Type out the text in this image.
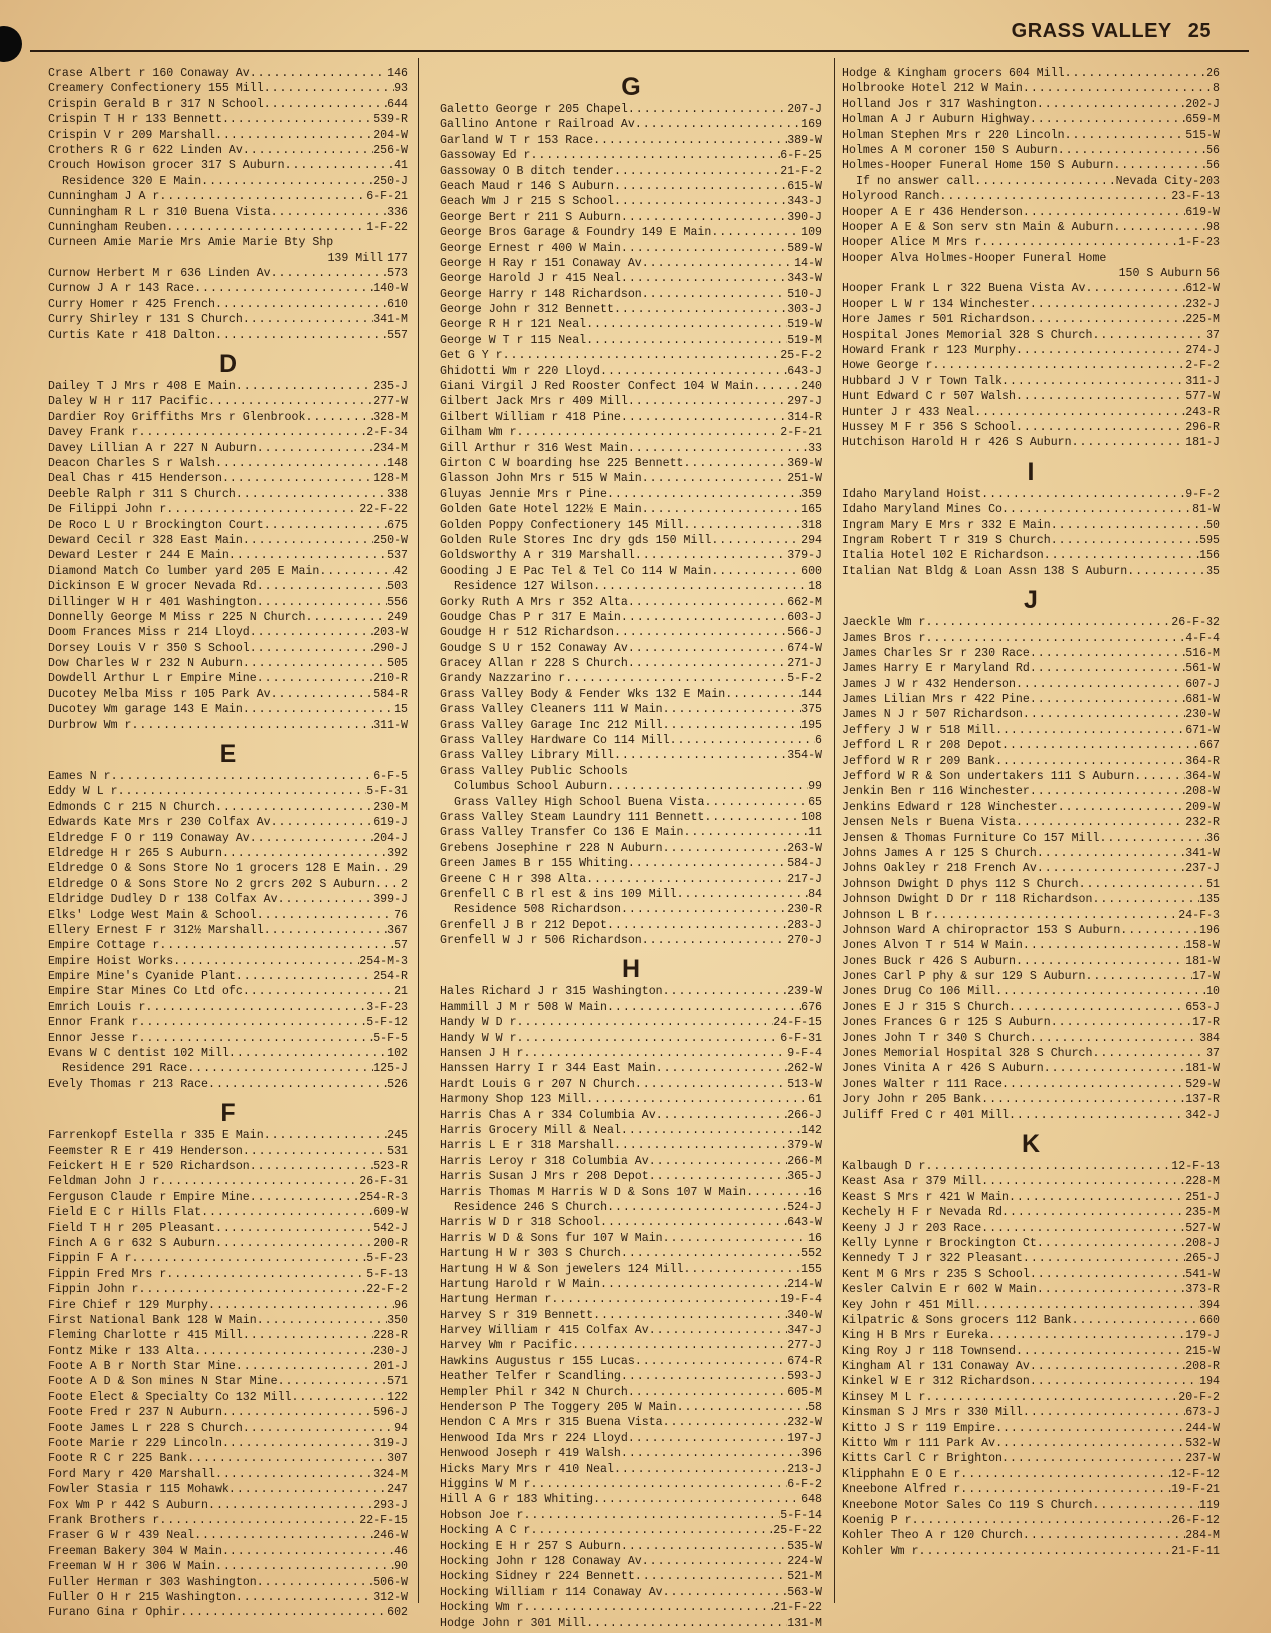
GRASS VALLEY 25
Crase Albert r 160 Conaway Av . . .	146
Creamery Confectionery 155 Mill . . .	93
Crispin Gerald B r 317 N School . . .	644
Crispin T H r 133 Bennett . . .	539-R
Crispin V r 209 Marshall . . .	204-W
Crothers R G r 622 Linden Av . . .	256-W
Crouch Howison grocer 317 S Auburn . . .	41
Residence 320 E Main . . .	250-J
Cunningham J A r . . .	6-F-21
Cunningham R L r 310 Buena Vista . . .	336
Cunningham Reuben . . .	1-F-22
Curneen Amie Marie Mrs Amie Marie Bty Shp
139 Mill 177
Curnow Herbert M r 636 Linden Av . . .	573
Curnow J A r 143 Race . . .	140-W
Curry Homer r 425 French . . .	610
Curry Shirley r 131 S Church . . .	341-M
Curtis Kate r 418 Dalton . . .	557
D
Dailey T J Mrs r 408 E Main . . .	235-J
Daley W H r 117 Pacific . . .	277-W
Dardier Roy Griffiths Mrs r Glenbrook . . .	328-M
Davey Frank r . . .	2-F-34
Davey Lillian A r 227 N Auburn . . .	234-M
Deacon Charles S r Walsh . . .	148
Deal Chas r 415 Henderson . . .	128-M
Deeble Ralph r 311 S Church . . .	338
De Filippi John r . . .	22-F-22
De Roco L U r Brockington Court . . .	675
Deward Cecil r 328 East Main . . .	250-W
Deward Lester r 244 E Main . . .	537
Diamond Match Co lumber yard 205 E Main . . .	42
Dickinson E W grocer Nevada Rd . . .	503
Dillinger W H r 401 Washington . . .	556
Donnelly George M Miss r 225 N Church . . .	249
Doom Frances Miss r 214 Lloyd . . .	203-W
Dorsey Louis V r 350 S School . . .	290-J
Dow Charles W r 232 N Auburn . . .	505
Dowdell Arthur L r Empire Mine . . .	210-R
Ducotey Melba Miss r 105 Park Av . . .	584-R
Ducotey Wm garage 143 E Main . . .	15
Durbrow Wm r . . .	311-W
E
Eames N r . . .	6-F-5
Eddy W L r . . .	5-F-31
Edmonds C r 215 N Church . . .	230-M
Edwards Kate Mrs r 230 Colfax Av . . .	619-J
Eldredge F O r 119 Conaway Av . . .	204-J
Eldredge H r 265 S Auburn . . .	392
Eldredge O & Sons Store No 1 grocers 128 E Main . . . 29
Eldredge O & Sons Store No 2 grcrs 202 S Auburn . . . 2
Eldridge Dudley D r 138 Colfax Av . . .	399-J
Elks' Lodge West Main & School . . .	76
Ellery Ernest F r 312½ Marshall . . .	367
Empire Cottage r . . .	57
Empire Hoist Works . . .	254-M-3
Empire Mine's Cyanide Plant . . .	254-R
Empire Star Mines Co Ltd ofc . . .	21
Emrich Louis r . . .	3-F-23
Ennor Frank r . . .	5-F-12
Ennor Jesse r . . .	5-F-5
Evans W C dentist 102 Mill . . .	102
Residence 291 Race . . .	125-J
Evely Thomas r 213 Race . . .	526
F
Farrenkopf Estella r 335 E Main . . .	245
Feemster R E r 419 Henderson . . .	531
Feickert H E r 520 Richardson . . .	523-R
Feldman John J r . . .	26-F-31
Ferguson Claude r Empire Mine . . .	254-R-3
Field E C r Hills Flat . . .	609-W
Field T H r 205 Pleasant . . .	542-J
Finch A G r 632 S Auburn . . .	200-R
Fippin F A r . . .	5-F-23
Fippin Fred Mrs r . . .	5-F-13
Fippin John r . . .	22-F-2
Fire Chief r 129 Murphy . . .	96
First National Bank 128 W Main . . .	350
Fleming Charlotte r 415 Mill . . .	228-R
Fontz Mike r 133 Alta . . .	230-J
Foote A B r North Star Mine . . .	201-J
Foote A D & Son mines N Star Mine . . .	571
Foote Elect & Specialty Co 132 Mill . . .	122
Foote Fred r 237 N Auburn . . .	596-J
Foote James L r 228 S Church . . .	94
Foote Marie r 229 Lincoln . . .	319-J
Foote R C r 225 Bank . . .	307
Ford Mary r 420 Marshall . . .	324-M
Fowler Stasia r 115 Mohawk . . .	247
Fox Wm P r 442 S Auburn . . .	293-J
Frank Brothers r . . .	22-F-15
Fraser G W r 439 Neal . . .	246-W
Freeman Bakery 304 W Main . . .	46
Freeman W H r 306 W Main . . .	90
Fuller Herman r 303 Washington . . .	506-W
Fuller O H r 215 Washington . . .	312-W
Furano Gina r Ophir . . .	602
G
Galetto George r 205 Chapel . . .	207-J
Gallino Antone r Railroad Av . . .	169
Garland W T r 153 Race . . .	389-W
Gassoway Ed r . . .	6-F-25
Gassoway O B ditch tender . . .	21-F-2
Geach Maud r 146 S Auburn . . .	615-W
Geach Wm J r 215 S School . . .	343-J
George Bert r 211 S Auburn . . .	390-J
George Bros Garage & Foundry 149 E Main . . .	109
George Ernest r 400 W Main . . .	589-W
George H Ray r 151 Conaway Av . . .	14-W
George Harold J r 415 Neal . . .	343-W
George Harry r 148 Richardson . . .	510-J
George John r 312 Bennett . . .	303-J
George R H r 121 Neal . . .	519-W
George W T r 115 Neal . . .	519-M
Get G Y r . . .	25-F-2
Ghidotti Wm r 220 Lloyd . . .	643-J
Giani Virgil J Red Rooster Confect 104 W Main . . .	240
Gilbert Jack Mrs r 409 Mill . . .	297-J
Gilbert William r 418 Pine . . .	314-R
Gilham Wm r . . .	2-F-21
Gill Arthur r 316 West Main . . .	33
Girton C W boarding hse 225 Bennett . . .	369-W
Glasson John Mrs r 515 W Main . . .	251-W
Gluyas Jennie Mrs r Pine . . .	359
Golden Gate Hotel 122½ E Main . . .	165
Golden Poppy Confectionery 145 Mill . . .	318
Golden Rule Stores Inc dry gds 150 Mill . . .	294
Goldsworthy A r 319 Marshall . . .	379-J
Gooding J E Pac Tel & Tel Co 114 W Main . . .	600
Residence 127 Wilson . . .	18
Gorky Ruth A Mrs r 352 Alta . . .	662-M
Goudge Chas P r 317 E Main . . .	603-J
Goudge H r 512 Richardson . . .	566-J
Goudge S U r 152 Conaway Av . . .	674-W
Gracey Allan r 228 S Church . . .	271-J
Grandy Nazzarino r . . .	5-F-2
Grass Valley Body & Fender Wks 132 E Main . . .	144
Grass Valley Cleaners 111 W Main . . .	375
Grass Valley Garage Inc 212 Mill . . .	195
Grass Valley Hardware Co 114 Mill . . .	6
Grass Valley Library Mill . . .	354-W
Grass Valley Public Schools
Columbus School Auburn . . .	99
Grass Valley High School Buena Vista . . .	65
Grass Valley Steam Laundry 111 Bennett . . .	108
Grass Valley Transfer Co 136 E Main . . .	11
Grebens Josephine r 228 N Auburn . . .	263-W
Green James B r 155 Whiting . . .	584-J
Greene C H r 398 Alta . . .	217-J
Grenfell C B rl est & ins 109 Mill . . .	84
Residence 508 Richardson . . .	230-R
Grenfell J B r 212 Depot . . .	283-J
Grenfell W J r 506 Richardson . . .	270-J
H
Hales Richard J r 315 Washington . . .	239-W
Hammill J M r 508 W Main . . .	676
Handy W D r . . .	24-F-15
Handy W W r . . .	6-F-31
Hansen J H r . . .	9-F-4
Hanssen Harry I r 344 East Main . . .	262-W
Hardt Louis G r 207 N Church . . .	513-W
Harmony Shop 123 Mill . . .	61
Harris Chas A r 334 Columbia Av . . .	266-J
Harris Grocery Mill & Neal . . .	142
Harris L E r 318 Marshall . . .	379-W
Harris Leroy r 318 Columbia Av . . .	266-M
Harris Susan J Mrs r 208 Depot . . .	365-J
Harris Thomas M Harris W D & Sons 107 W Main . . .	16
Residence 246 S Church . . .	524-J
Harris W D r 318 School . . .	643-W
Harris W D & Sons fur 107 W Main . . .	16
Hartung H W r 303 S Church . . .	552
Hartung H W & Son jewelers 124 Mill . . .	155
Hartung Harold r W Main . . .	214-W
Hartung Herman r . . .	19-F-4
Harvey S r 319 Bennett . . .	340-W
Harvey William r 415 Colfax Av . . .	347-J
Harvey Wm r Pacific . . .	277-J
Hawkins Augustus r 155 Lucas . . .	674-R
Heather Telfer r Scandling . . .	593-J
Hempler Phil r 342 N Church . . .	605-M
Henderson P The Toggery 205 W Main . . .	58
Hendon C A Mrs r 315 Buena Vista . . .	232-W
Henwood Ida Mrs r 224 Lloyd . . .	197-J
Henwood Joseph r 419 Walsh . . .	396
Hicks Mary Mrs r 410 Neal . . .	213-J
Higgins W M r . . .	6-F-2
Hill A G r 183 Whiting . . .	648
Hobson Joe r . . .	5-F-14
Hocking A C r . . .	25-F-22
Hocking E H r 257 S Auburn . . .	535-W
Hocking John r 128 Conaway Av . . .	224-W
Hocking Sidney r 224 Bennett . . .	521-M
Hocking William r 114 Conaway Av . . .	563-W
Hocking Wm r . . .	21-F-22
Hodge John r 301 Mill . . .	131-M
Hodge & Kingham grocers 604 Mill . . .	26
Holbrooke Hotel 212 W Main . . .	8
Holland Jos r 317 Washington . . .	202-J
Holman A J r Auburn Highway . . .	659-M
Holman Stephen Mrs r 220 Lincoln . . .	515-W
Holmes A M coroner 150 S Auburn . . .	56
Holmes-Hooper Funeral Home 150 S Auburn . . .	56
If no answer call . . .	Nevada City-203
Holyrood Ranch . . .	23-F-13
Hooper A E r 436 Henderson . . .	619-W
Hooper A E & Son serv stn Main & Auburn . . .	98
Hooper Alice M Mrs r . . .	1-F-23
Hooper Alva Holmes-Hooper Funeral Home
150 S Auburn 56
Hooper Frank L r 322 Buena Vista Av . . .	612-W
Hooper L W r 134 Winchester . . .	232-J
Hore James r 501 Richardson . . .	225-M
Hospital Jones Memorial 328 S Church . . .	37
Howard Frank r 123 Murphy . . .	274-J
Howe George r . . .	2-F-2
Hubbard J V r Town Talk . . .	311-J
Hunt Edward C r 507 Walsh . . .	577-W
Hunter J r 433 Neal . . .	243-R
Hussey M F r 356 S School . . .	296-R
Hutchison Harold H r 426 S Auburn . . .	181-J
I
Idaho Maryland Hoist . . .	9-F-2
Idaho Maryland Mines Co . . .	81-W
Ingram Mary E Mrs r 332 E Main . . .	50
Ingram Robert T r 319 S Church . . .	595
Italia Hotel 102 E Richardson . . .	156
Italian Nat Bldg & Loan Assn 138 S Auburn . . .	35
J
Jaeckle Wm r . . .	26-F-32
James Bros r . . .	4-F-4
James Charles Sr r 230 Race . . .	516-M
James Harry E r Maryland Rd . . .	561-W
James J W r 432 Henderson . . .	607-J
James Lilian Mrs r 422 Pine . . .	681-W
James N J r 507 Richardson . . .	230-W
Jeffery J W r 518 Mill . . .	671-W
Jefford L R r 208 Depot . . .	667
Jefford W R r 209 Bank . . .	364-R
Jefford W R & Son undertakers 111 S Auburn . . .	364-W
Jenkin Ben r 116 Winchester . . .	208-W
Jenkins Edward r 128 Winchester . . .	209-W
Jensen Nels r Buena Vista . . .	232-R
Jensen & Thomas Furniture Co 157 Mill . . .	36
Johns James A r 125 S Church . . .	341-W
Johns Oakley r 218 French Av . . .	237-J
Johnson Dwight D phys 112 S Church . . .	51
Johnson Dwight D Dr r 118 Richardson . . .	135
Johnson L B r . . .	24-F-3
Johnson Ward A chiropractor 153 S Auburn . . .	196
Jones Alvon T r 514 W Main . . .	158-W
Jones Buck r 426 S Auburn . . .	181-W
Jones Carl P phy & sur 129 S Auburn . . .	17-W
Jones Drug Co 106 Mill . . .	10
Jones E J r 315 S Church . . .	653-J
Jones Frances G r 125 S Auburn . . .	17-R
Jones John T r 340 S Church . . .	384
Jones Memorial Hospital 328 S Church . . .	37
Jones Vinita A r 426 S Auburn . . .	181-W
Jones Walter r 111 Race . . .	529-W
Jory John r 205 Bank . . .	137-R
Juliff Fred C r 401 Mill . . .	342-J
K
Kalbaugh D r . . .	12-F-13
Keast Asa r 379 Mill . . .	228-M
Keast S Mrs r 421 W Main . . .	251-J
Kechely H F r Nevada Rd . . .	235-M
Keeny J J r 203 Race . . .	527-W
Kelly Lynne r Brockington Ct . . .	208-J
Kennedy T J r 322 Pleasant . . .	265-J
Kent M G Mrs r 235 S School . . .	541-W
Kesler Calvin E r 602 W Main . . .	373-R
Key John r 451 Mill . . .	394
Kilpatric & Sons grocers 112 Bank . . .	660
King H B Mrs r Eureka . . .	179-J
King Roy J r 118 Townsend . . .	215-W
Kingham Al r 131 Conaway Av . . .	208-R
Kinkel W E r 312 Richardson . . .	194
Kinsey M L r . . .	20-F-2
Kinsman S J Mrs r 330 Mill . . .	673-J
Kitto J S r 119 Empire . . .	244-W
Kitto Wm r 111 Park Av . . .	532-W
Kitts Carl C r Brighton . . .	237-W
Klipphahn E O E r . . .	12-F-12
Kneebone Alfred r . . .	19-F-21
Kneebone Motor Sales Co 119 S Church . . .	119
Koenig P r . . .	26-F-12
Kohler Theo A r 120 Church . . .	284-M
Kohler Wm r . . .	21-F-11
